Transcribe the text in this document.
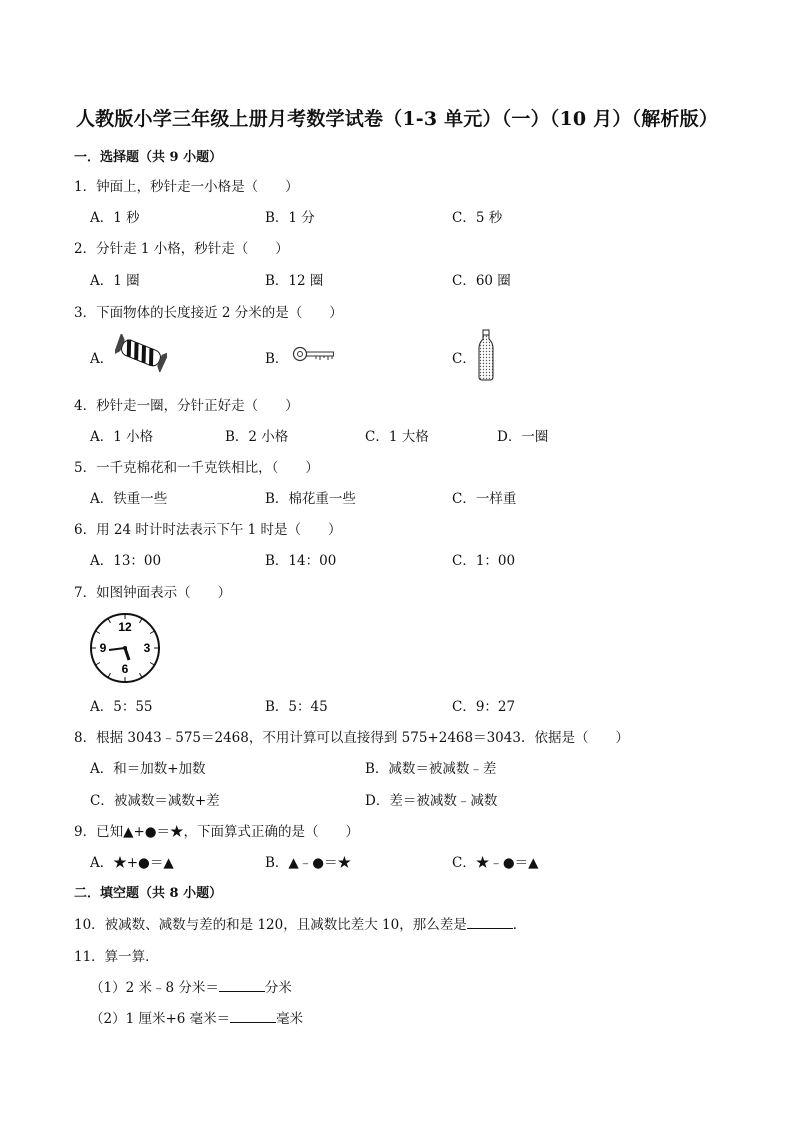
人教版小学三年级上册月考数学试卷（1-3 单元）（一）（10 月）（解析版）
一．选择题（共 9 小题）
1．钟面上，秒针走一小格是（　　）
A．1 秒	B．1 分	C．5 秒
2．分针走 1 小格，秒针走（　　）
A．1 圈	B．12 圈	C．60 圈
3．下面物体的长度接近 2 分米的是（　　）
A．	B．	C．
4．秒针走一圈，分针正好走（　　）
A．1 小格	B．2 小格	C．1 大格	D．一圈
5．一千克棉花和一千克铁相比，（　　）
A．铁重一些	B．棉花重一些	C．一样重
6．用 24 时计时法表示下午 1 时是（　　）
A．13：00	B．14：00	C．1：00
7．如图钟面表示（　　）
12
3
6
9
A．5：55	B．5：45	C．9：27
8．根据 3043﹣575＝2468，不用计算可以直接得到 575+2468＝3043．依据是（　　）
A．和＝加数+加数	B．减数＝被减数﹣差
C．被减数＝减数+差	D．差＝被减数﹣减数
9．已知▲+●＝★，下面算式正确的是（　　）
A．★+●＝▲	B．▲﹣●＝★	C．★﹣●＝▲
二．填空题（共 8 小题）
10．被减数、减数与差的和是 120，且减数比差大 10，那么差是	．
11．算一算．
（1）2 米﹣8 分米＝	分米
（2）1 厘米+6 毫米＝	毫米
